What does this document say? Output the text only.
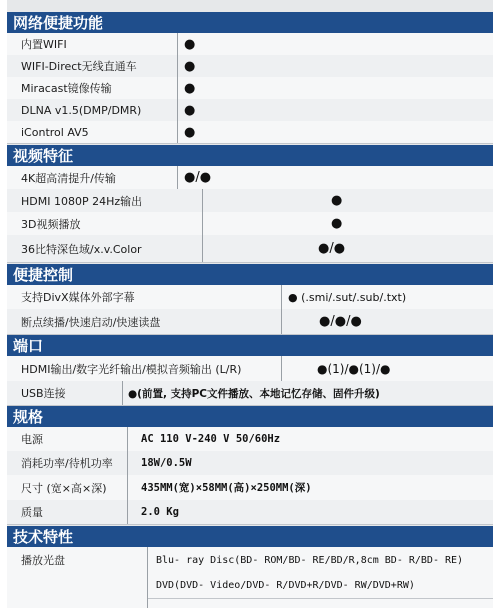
网络便捷功能
内置WIFI	●
WIFI-Direct无线直通车	●
Miracast镜像传输	●
DLNA v1.5(DMP/DMR)	●
iControl AV5	●
视频特征
4K超高清提升/传输	●/●
HDMI 1080P 24Hz输出	●
3D视频播放	●
36比特深色域/x.v.Color	●/●
便捷控制
支持DivX媒体外部字幕	● (.smi/.sut/.sub/.txt)
断点续播/快速启动/快速读盘	●/●/●
端口
HDMI输出/数字光纤输出/模拟音频输出 (L/R)	●(1)/●(1)/●
USB连接	●(前置, 支持PC文件播放、本地记忆存储、固件升级)
规格
电源	AC 110 V-240 V 50/60Hz
消耗功率/待机功率	18W/0.5W
尺寸 (宽×高×深)	435MM(宽)×58MM(高)×250MM(深)
质量	2.0 Kg
技术特性
播放光盘	Blu- ray Disc(BD- ROM/BD- RE/BD/R,8cm BD- R/BD- RE)
DVD(DVD- Video/DVD- R/DVD+R/DVD- RW/DVD+RW)
